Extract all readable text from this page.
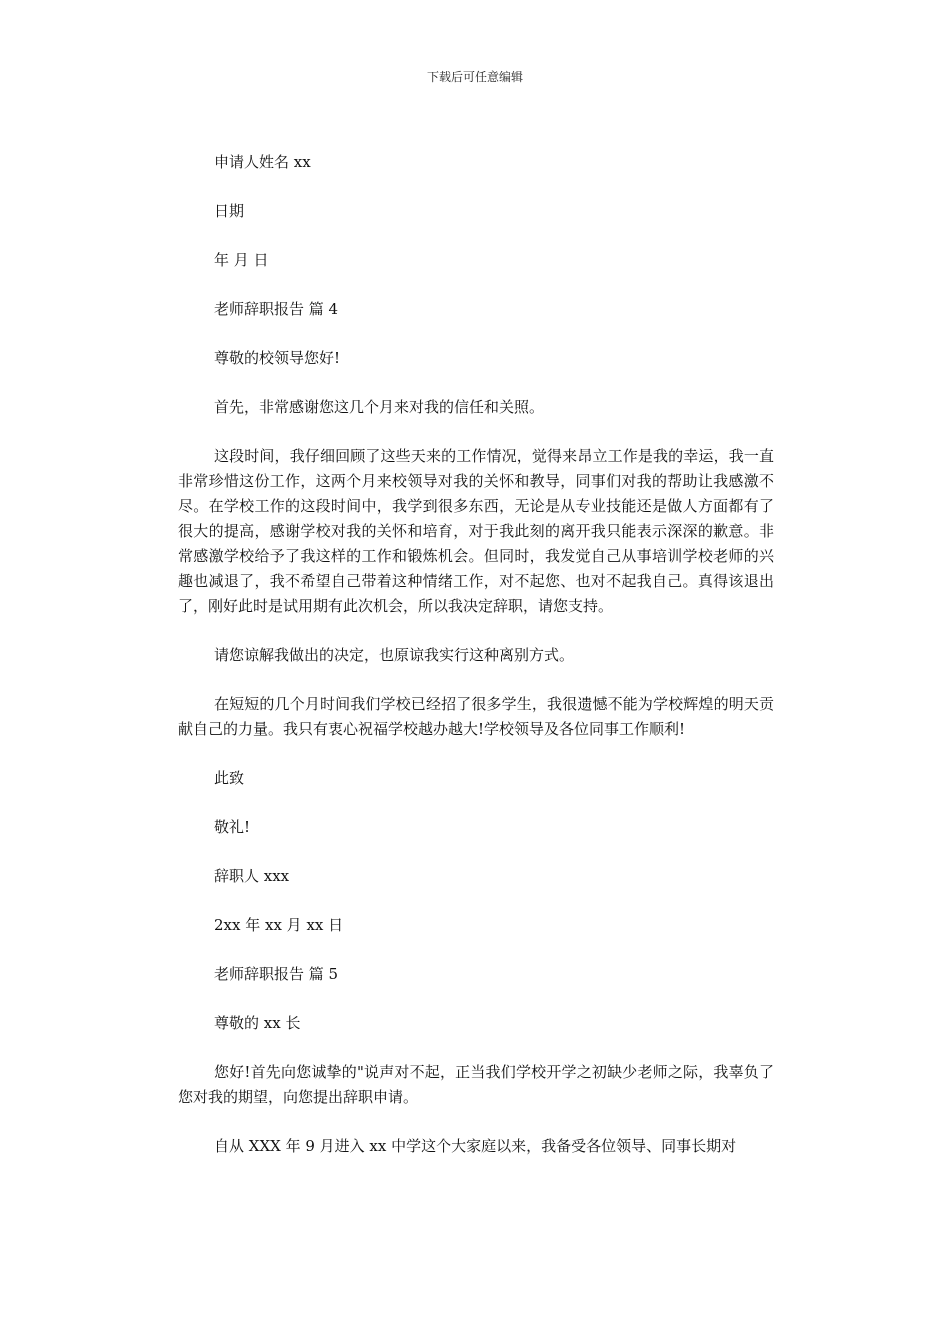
下载后可任意编辑

申请人姓名 xx

日期

年 月 日

老师辞职报告 篇 4

尊敬的校领导您好!

首先，非常感谢您这几个月来对我的信任和关照。

这段时间，我仔细回顾了这些天来的工作情况，觉得来昂立工作是我的幸运，我一直非常珍惜这份工作，这两个月来校领导对我的关怀和教导，同事们对我的帮助让我感激不尽。在学校工作的这段时间中，我学到很多东西，无论是从专业技能还是做人方面都有了很大的提高，感谢学校对我的关怀和培育，对于我此刻的离开我只能表示深深的歉意。非常感激学校给予了我这样的工作和锻炼机会。但同时，我发觉自己从事培训学校老师的兴趣也减退了，我不希望自己带着这种情绪工作，对不起您、也对不起我自己。真得该退出了，刚好此时是试用期有此次机会，所以我决定辞职，请您支持。

请您谅解我做出的决定，也原谅我实行这种离别方式。

在短短的几个月时间我们学校已经招了很多学生，我很遗憾不能为学校辉煌的明天贡献自己的力量。我只有衷心祝福学校越办越大!学校领导及各位同事工作顺利!

此致

敬礼!

辞职人 xxx

2xx 年 xx 月 xx 日

老师辞职报告 篇 5

尊敬的 xx 长

您好!首先向您诚挚的"说声对不起，正当我们学校开学之初缺少老师之际，我辜负了您对我的期望，向您提出辞职申请。

自从 XXX 年 9 月进入 xx 中学这个大家庭以来，我备受各位领导、同事长期对
